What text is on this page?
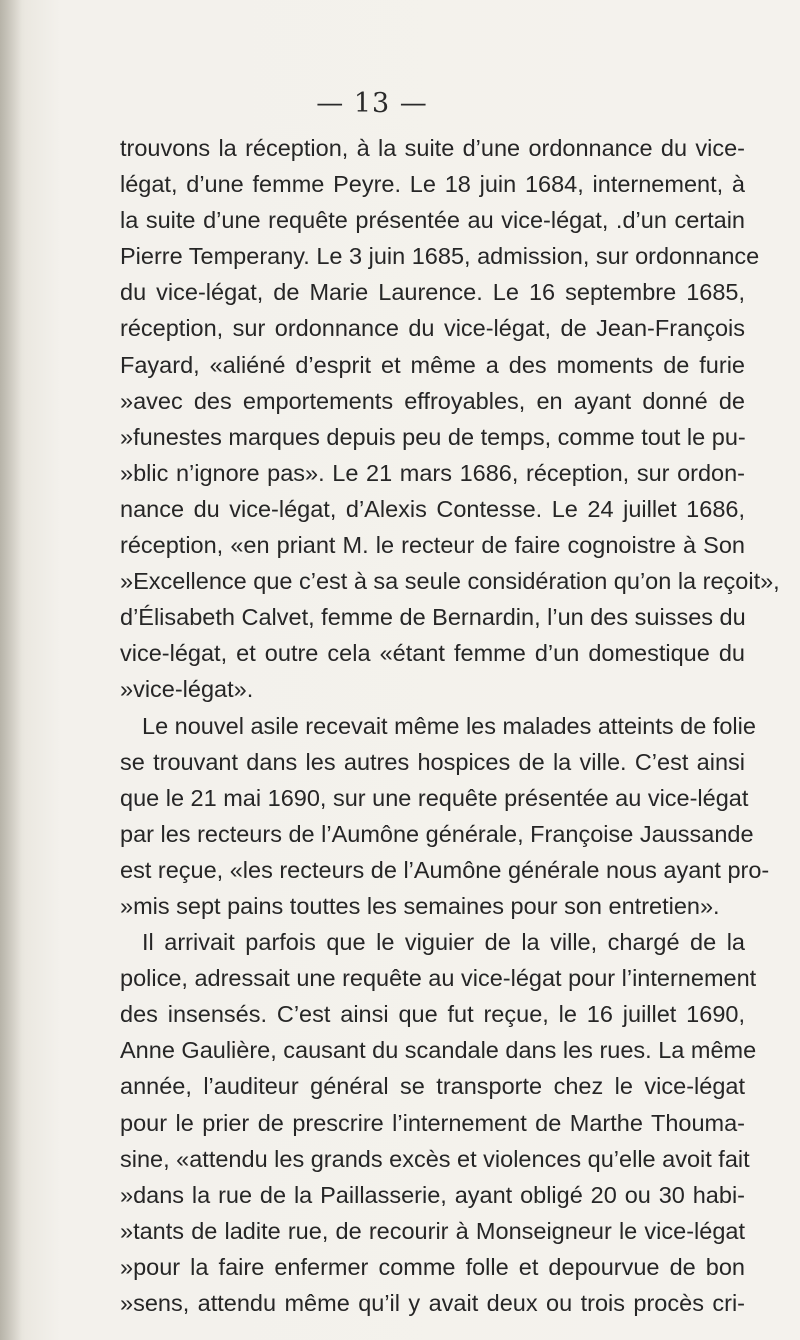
— 13 —

trouvons la réception, à la suite d’une ordonnance du vice-
légat, d’une femme Peyre. Le 18 juin 1684, internement, à
la suite d’une requête présentée au vice-légat, .d’un certain
Pierre Temperany. Le 3 juin 1685, admission, sur ordonnance
du vice-légat, de Marie Laurence. Le 16 septembre 1685,
réception, sur ordonnance du vice-légat, de Jean-François
Fayard, «aliéné d’esprit et même a des moments de furie
»avec des emportements effroyables, en ayant donné de
»funestes marques depuis peu de temps, comme tout le pu-
»blic n’ignore pas». Le 21 mars 1686, réception, sur ordon-
nance du vice-légat, d’Alexis Contesse. Le 24 juillet 1686,
réception, «en priant M. le recteur de faire cognoistre à Son
»Excellence que c’est à sa seule considération qu’on la reçoit»,
d’Élisabeth Calvet, femme de Bernardin, l’un des suisses du
vice-légat, et outre cela «étant femme d’un domestique du
»vice-légat».
Le nouvel asile recevait même les malades atteints de folie
se trouvant dans les autres hospices de la ville. C’est ainsi
que le 21 mai 1690, sur une requête présentée au vice-légat
par les recteurs de l’Aumône générale, Françoise Jaussande
est reçue, «les recteurs de l’Aumône générale nous ayant pro-
»mis sept pains touttes les semaines pour son entretien».
Il arrivait parfois que le viguier de la ville, chargé de la
police, adressait une requête au vice-légat pour l’internement
des insensés. C’est ainsi que fut reçue, le 16 juillet 1690,
Anne Gaulière, causant du scandale dans les rues. La même
année, l’auditeur général se transporte chez le vice-légat
pour le prier de prescrire l’internement de Marthe Thouma-
sine, «attendu les grands excès et violences qu’elle avoit fait
»dans la rue de la Paillasserie, ayant obligé 20 ou 30 habi-
»tants de ladite rue, de recourir à Monseigneur le vice-légat
»pour la faire enfermer comme folle et depourvue de bon
»sens, attendu même qu’il y avait deux ou trois procès cri-
